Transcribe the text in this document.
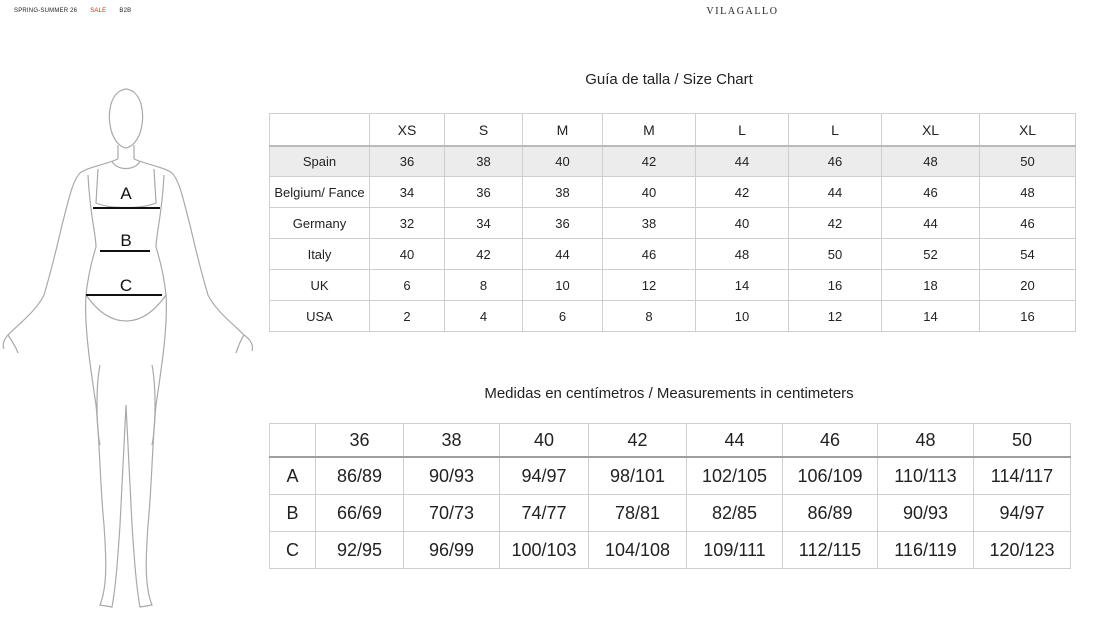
SPRING-SUMMER 26 SALE B2B	VILAGALLO
A
B
C
Guía de talla / Size Chart
	XS	S	M	M	L	L	XL	XL
Spain	36	38	40	42	44	46	48	50
Belgium/ Fance	34	36	38	40	42	44	46	48
Germany	32	34	36	38	40	42	44	46
Italy	40	42	44	46	48	50	52	54
UK	6	8	10	12	14	16	18	20
USA	2	4	6	8	10	12	14	16
Medidas en centímetros / Measurements in centimeters
	36	38	40	42	44	46	48	50
A	86/89	90/93	94/97	98/101	102/105	106/109	110/113	114/117
B	66/69	70/73	74/77	78/81	82/85	86/89	90/93	94/97
C	92/95	96/99	100/103	104/108	109/111	112/115	116/119	120/123
